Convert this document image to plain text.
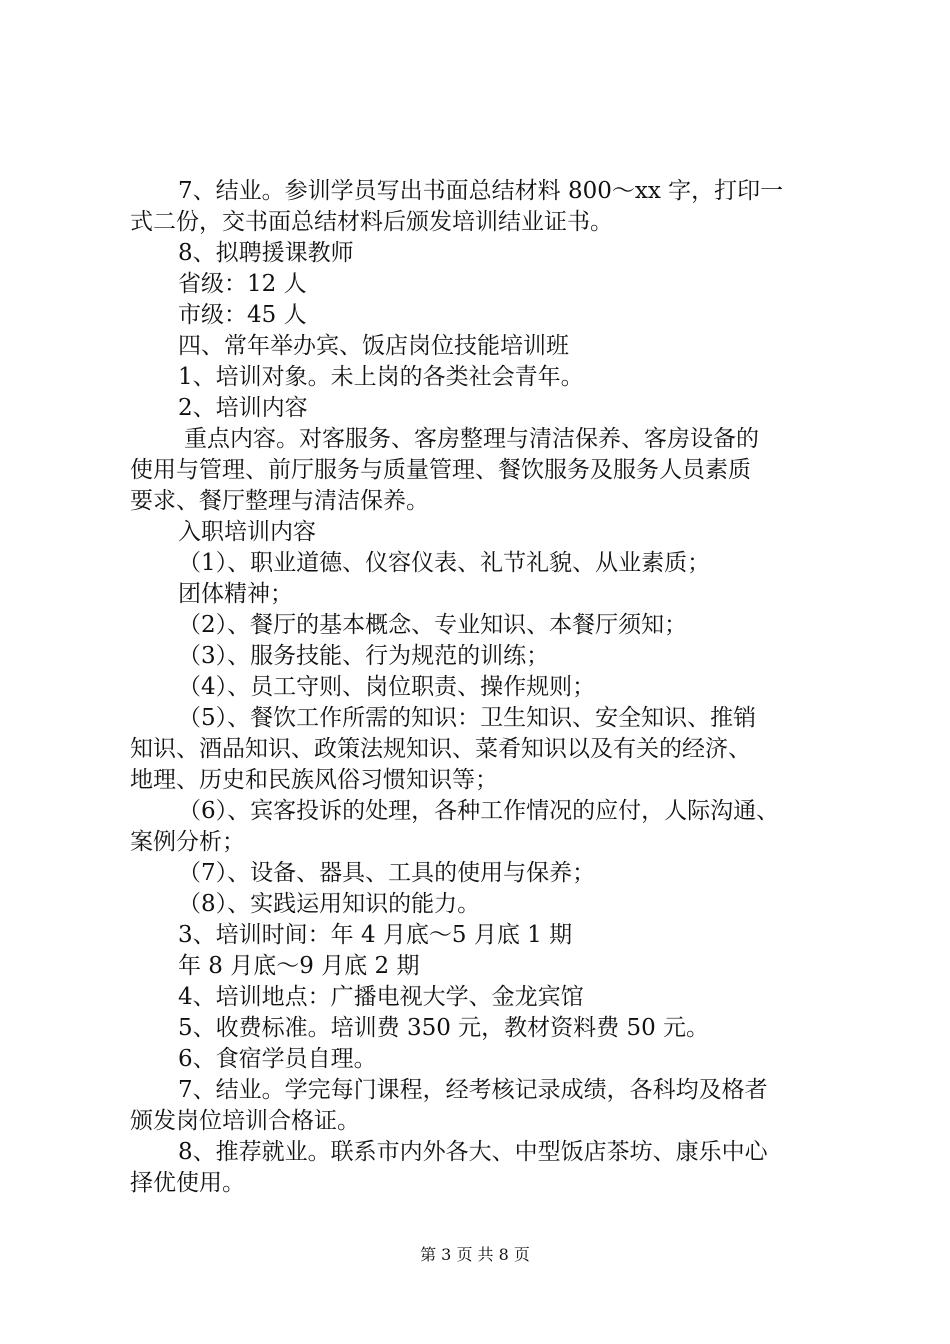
7、结业。参训学员写出书面总结材料 800～xx 字，打印一
式二份，交书面总结材料后颁发培训结业证书。
8、拟聘援课教师
省级：12 人
市级：45 人
四、常年举办宾、饭店岗位技能培训班
1、培训对象。未上岗的各类社会青年。
2、培训内容
重点内容。对客服务、客房整理与清洁保养、客房设备的
使用与管理、前厅服务与质量管理、餐饮服务及服务人员素质
要求、餐厅整理与清洁保养。
入职培训内容
（1）、职业道德、仪容仪表、礼节礼貌、从业素质；
团体精神；
（2）、餐厅的基本概念、专业知识、本餐厅须知；
（3）、服务技能、行为规范的训练；
（4）、员工守则、岗位职责、操作规则；
（5）、餐饮工作所需的知识：卫生知识、安全知识、推销
知识、酒品知识、政策法规知识、菜肴知识以及有关的经济、
地理、历史和民族风俗习惯知识等；
（6）、宾客投诉的处理，各种工作情况的应付，人际沟通、
案例分析；
（7）、设备、器具、工具的使用与保养；
（8）、实践运用知识的能力。
3、培训时间：年 4 月底～5 月底 1 期
年 8 月底～9 月底 2 期
4、培训地点：广播电视大学、金龙宾馆
5、收费标准。培训费 350 元，教材资料费 50 元。
6、食宿学员自理。
7、结业。学完每门课程，经考核记录成绩，各科均及格者
颁发岗位培训合格证。
8、推荐就业。联系市内外各大、中型饭店茶坊、康乐中心
择优使用。
第 3 页 共 8 页
